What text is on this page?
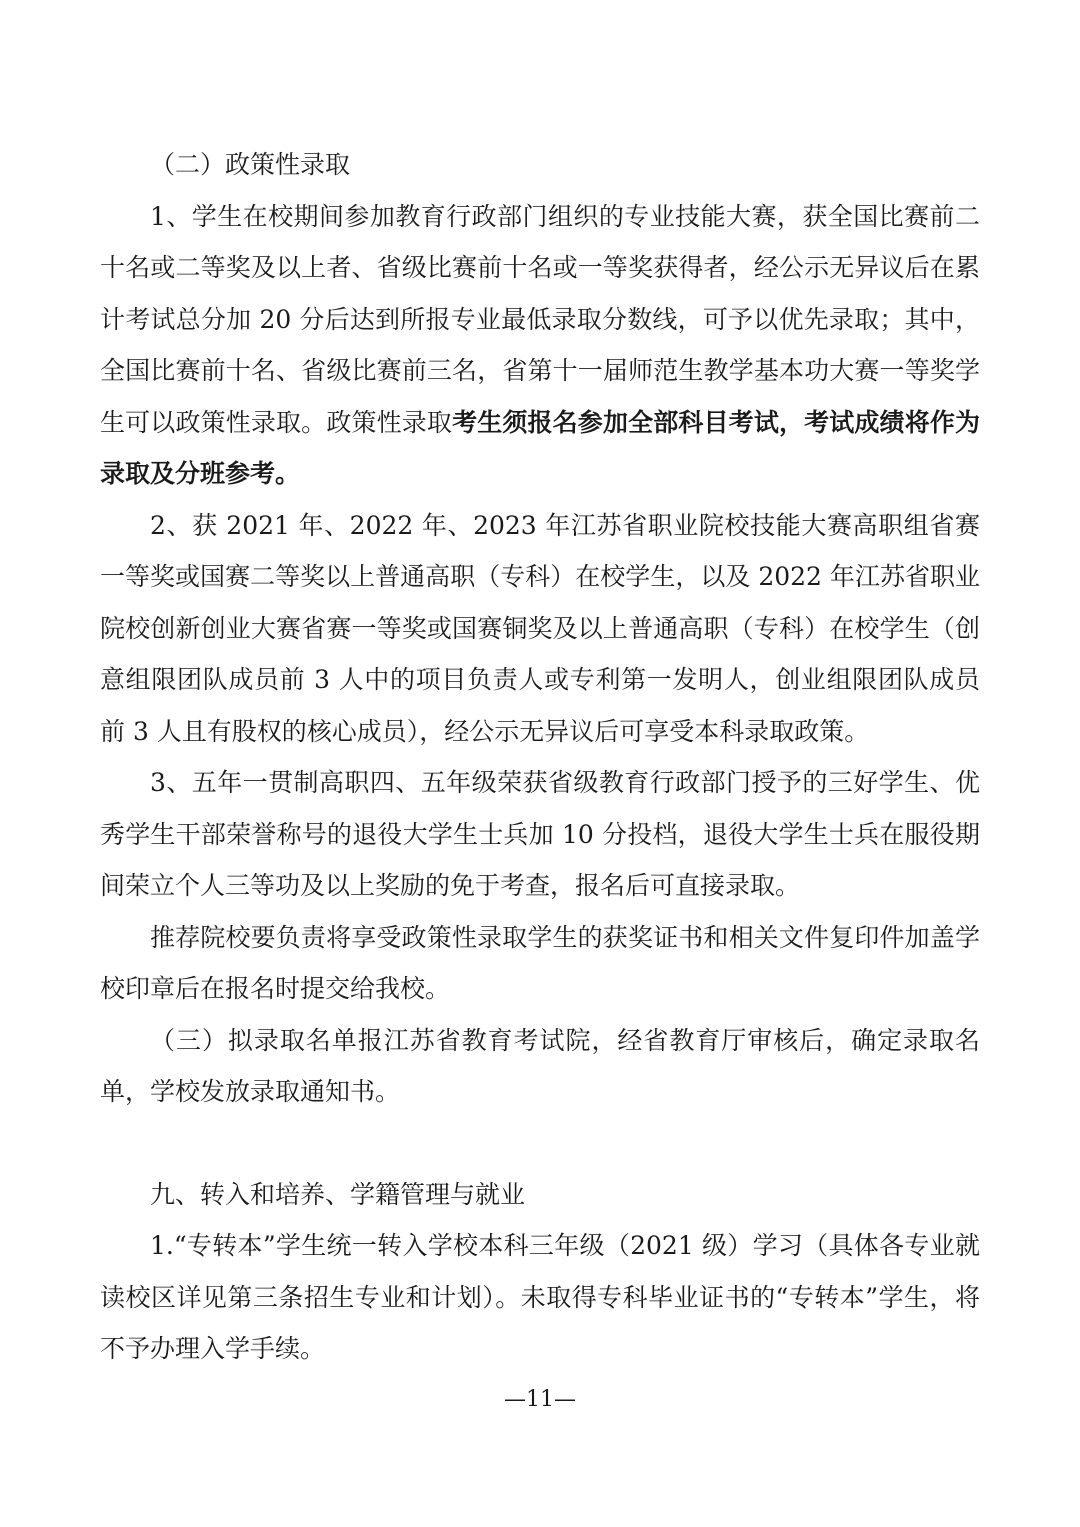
（二）政策性录取

1、学生在校期间参加教育行政部门组织的专业技能大赛，获全国比赛前二十名或二等奖及以上者、省级比赛前十名或一等奖获得者，经公示无异议后在累计考试总分加 20 分后达到所报专业最低录取分数线，可予以优先录取；其中，全国比赛前十名、省级比赛前三名，省第十一届师范生教学基本功大赛一等奖学生可以政策性录取。政策性录取考生须报名参加全部科目考试，考试成绩将作为录取及分班参考。

2、获 2021 年、2022 年、2023 年江苏省职业院校技能大赛高职组省赛一等奖或国赛二等奖以上普通高职（专科）在校学生，以及 2022 年江苏省职业院校创新创业大赛省赛一等奖或国赛铜奖及以上普通高职（专科）在校学生（创意组限团队成员前 3 人中的项目负责人或专利第一发明人，创业组限团队成员前 3 人且有股权的核心成员），经公示无异议后可享受本科录取政策。

3、五年一贯制高职四、五年级荣获省级教育行政部门授予的三好学生、优秀学生干部荣誉称号的退役大学生士兵加 10 分投档，退役大学生士兵在服役期间荣立个人三等功及以上奖励的免于考查，报名后可直接录取。

推荐院校要负责将享受政策性录取学生的获奖证书和相关文件复印件加盖学校印章后在报名时提交给我校。

（三）拟录取名单报江苏省教育考试院，经省教育厅审核后，确定录取名单，学校发放录取通知书。

九、转入和培养、学籍管理与就业

1.“专转本”学生统一转入学校本科三年级（2021 级）学习（具体各专业就读校区详见第三条招生专业和计划）。未取得专科毕业证书的“专转本”学生，将不予办理入学手续。

—11—
